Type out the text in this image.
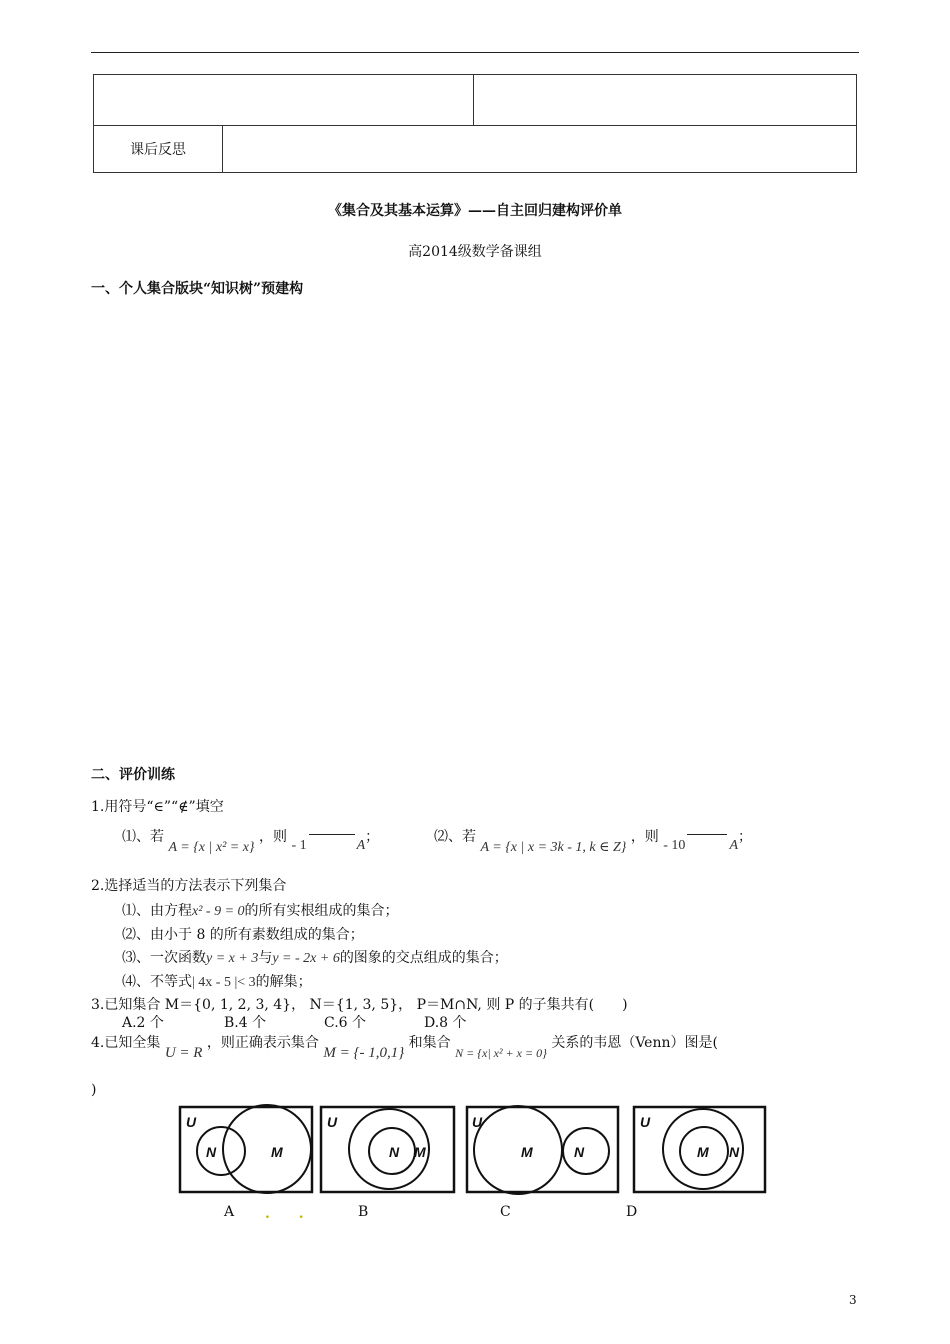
课后反思		
《集合及其基本运算》——自主回归建构评价单
高2014级数学备课组
一、个人集合版块“知识树”预建构
二、评价训练
1.用符号“∈”“∉”填空
⑴、若 A = {x | x² = x} ，则 - 1	A；	⑵、若 A = {x | x = 3k - 1, k ∈ Z} ，则 - 10	A；
2.选择适当的方法表示下列集合
⑴、由方程x² - 9 = 0的所有实根组成的集合；
⑵、由小于 8 的所有素数组成的集合；
⑶、一次函数y = x + 3与y = - 2x + 6的图象的交点组成的集合；
⑷、不等式| 4x - 5 |< 3的解集；
3.已知集合 M＝{0, 1, 2, 3, 4}， N＝{1, 3, 5}， P＝M∩N, 则 P 的子集共有(　　)
A.2 个	B.4 个	C.6 个	D.8 个
4.已知全集 U = R ，则正确表示集合 M = {- 1,0,1} 和集合 N = {x| x² + x = 0} 关系的韦恩（Venn）图是(
)
U
N	M
U
N M
U
M	N
U
M N
A . .	B	C	D
3
